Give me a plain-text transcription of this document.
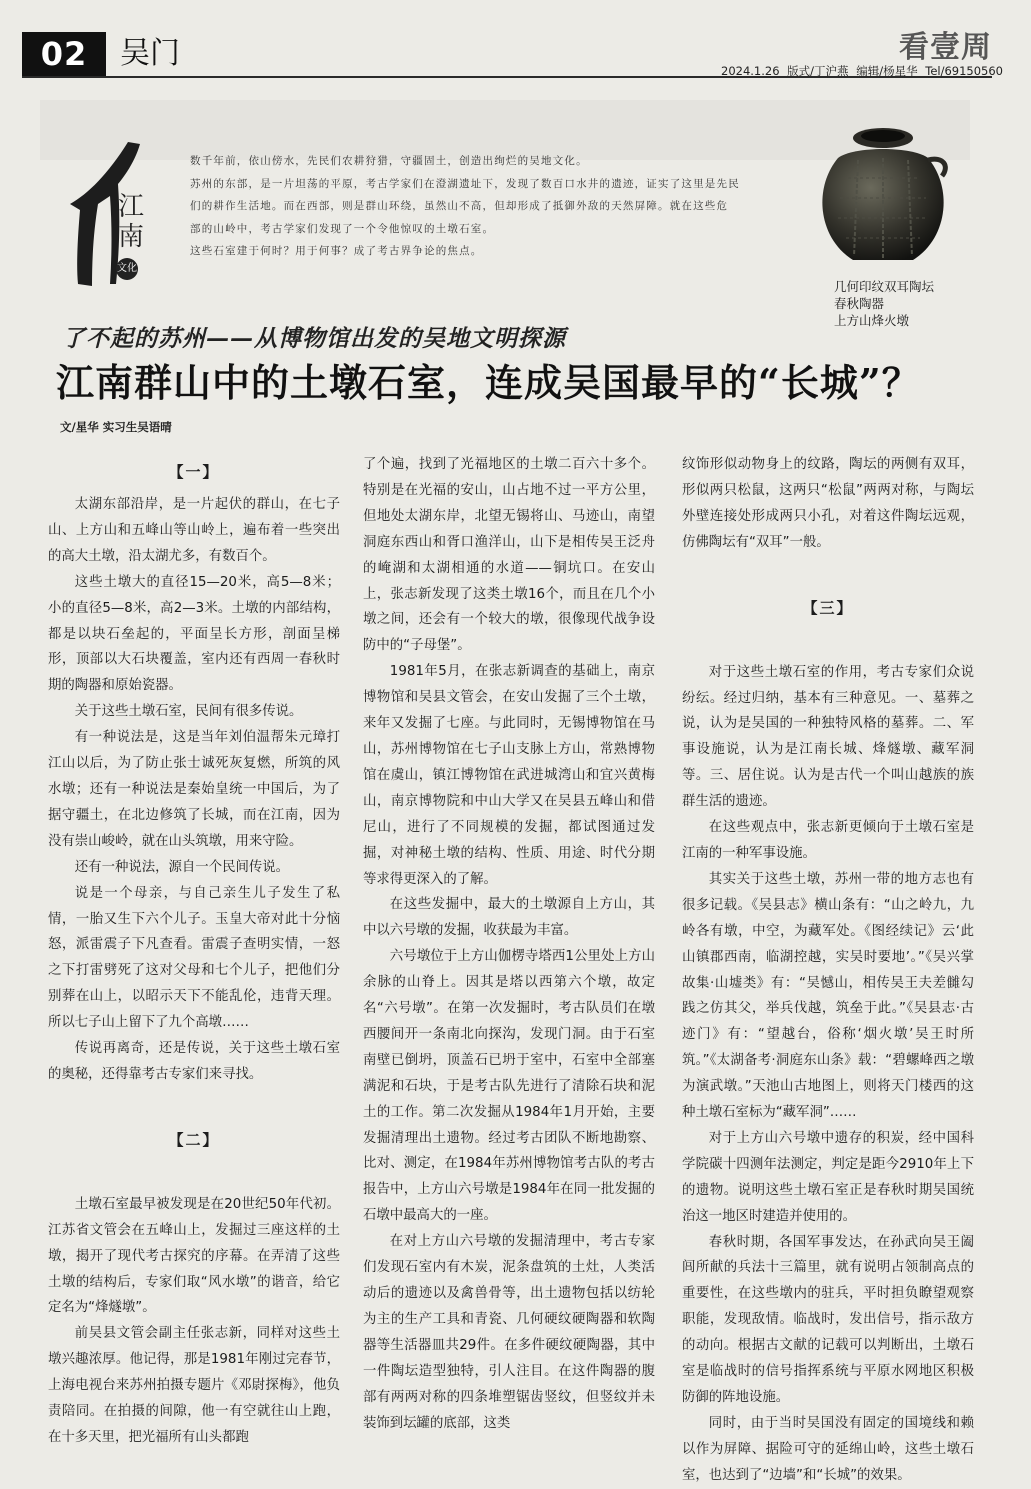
02	吴门	看壹周
2024.1.26 版式/丁沪燕 编辑/杨星华 Tel/69150560
江南
文化
数千年前，依山傍水，先民们农耕狩猎，守疆固土，创造出绚烂的吴地文化。
苏州的东部，是一片坦荡的平原，考古学家们在澄湖遗址下，发现了数百口水井的遗迹，证实了这里是先民
们的耕作生活地。而在西部，则是群山环绕，虽然山不高，但却形成了抵御外敌的天然屏障。就在这些危
部的山岭中，考古学家们发现了一个令他惊叹的土墩石室。
这些石室建于何时？用于何事？成了考古界争论的焦点。
几何印纹双耳陶坛
春秋陶器
上方山烽火墩
了不起的苏州——从博物馆出发的吴地文明探源
江南群山中的土墩石室，连成吴国最早的“长城”？
文/星华 实习生吴语晴
【一】

太湖东部沿岸，是一片起伏的群山，在七子山、上方山和五峰山等山岭上，遍布着一些突出的高大土墩，沿太湖尤多，有数百个。

这些土墩大的直径15—20米，高5—8米；小的直径5—8米，高2—3米。土墩的内部结构，都是以块石垒起的，平面呈长方形，剖面呈梯形，顶部以大石块覆盖，室内还有西周一春秋时期的陶器和原始瓷器。

关于这些土墩石室，民间有很多传说。

有一种说法是，这是当年刘伯温帮朱元璋打江山以后，为了防止张士诚死灰复燃，所筑的风水墩；还有一种说法是秦始皇统一中国后，为了据守疆土，在北边修筑了长城，而在江南，因为没有崇山峻岭，就在山头筑墩，用来守险。

还有一种说法，源自一个民间传说。

说是一个母亲，与自己亲生儿子发生了私情，一胎又生下六个儿子。玉皇大帝对此十分恼怒，派雷震子下凡查看。雷震子查明实情，一怒之下打雷劈死了这对父母和七个儿子，把他们分别葬在山上，以昭示天下不能乱伦，违背天理。所以七子山上留下了九个高墩……

传说再离奇，还是传说，关于这些土墩石室的奥秘，还得靠考古专家们来寻找。

【二】

土墩石室最早被发现是在20世纪50年代初。江苏省文管会在五峰山上，发掘过三座这样的土墩，揭开了现代考古探究的序幕。在弄清了这些土墩的结构后，专家们取“风水墩”的谐音，给它定名为“烽燧墩”。

前吴县文管会副主任张志新，同样对这些土墩兴趣浓厚。他记得，那是1981年刚过完春节，上海电视台来苏州拍摄专题片《邓尉探梅》，他负责陪同。在拍摄的间隙，他一有空就往山上跑，在十多天里，把光福所有山头都跑

了个遍，找到了光福地区的土墩二百六十多个。特别是在光福的安山，山占地不过一平方公里，但地处太湖东岸，北望无锡将山、马迹山，南望洞庭东西山和胥口渔洋山，山下是相传吴王泛舟的崦湖和太湖相通的水道——铜坑口。在安山上，张志新发现了这类土墩16个，而且在几个小墩之间，还会有一个较大的墩，很像现代战争设防中的“子母堡”。

1981年5月，在张志新调查的基础上，南京博物馆和吴县文管会，在安山发掘了三个土墩，来年又发掘了七座。与此同时，无锡博物馆在马山，苏州博物馆在七子山支脉上方山，常熟博物馆在虞山，镇江博物馆在武进城湾山和宜兴黄梅山，南京博物院和中山大学又在吴县五峰山和借尼山，进行了不同规模的发掘，都试图通过发掘，对神秘土墩的结构、性质、用途、时代分期等求得更深入的了解。

在这些发掘中，最大的土墩源自上方山，其中以六号墩的发掘，收获最为丰富。

六号墩位于上方山伽楞寺塔西1公里处上方山余脉的山脊上。因其是塔以西第六个墩，故定名“六号墩”。在第一次发掘时，考古队员们在墩西腰间开一条南北向探沟，发现门洞。由于石室南壁已倒坍，顶盖石已坍于室中，石室中全部塞满泥和石块，于是考古队先进行了清除石块和泥土的工作。第二次发掘从1984年1月开始，主要发掘清理出土遗物。经过考古团队不断地勘察、比对、测定，在1984年苏州博物馆考古队的考古报告中，上方山六号墩是1984年在同一批发掘的石墩中最高大的一座。

在对上方山六号墩的发掘清理中，考古专家们发现石室内有木炭，泥条盘筑的土灶，人类活动后的遗迹以及禽兽骨等，出土遗物包括以纺轮为主的生产工具和青瓷、几何硬纹硬陶器和软陶器等生活器皿共29件。在多件硬纹硬陶器，其中一件陶坛造型独特，引人注目。在这件陶器的腹部有两两对称的四条堆塑锯齿竖纹，但竖纹并未装饰到坛罐的底部，这类

纹饰形似动物身上的纹路，陶坛的两侧有双耳，形似两只松鼠，这两只“松鼠”两两对称，与陶坛外壁连接处形成两只小孔，对着这件陶坛远观，仿佛陶坛有“双耳”一般。

【三】

对于这些土墩石室的作用，考古专家们众说纷纭。经过归纳，基本有三种意见。一、墓葬之说，认为是吴国的一种独特风格的墓葬。二、军事设施说，认为是江南长城、烽燧墩、藏军洞等。三、居住说。认为是古代一个叫山越族的族群生活的遗迹。

在这些观点中，张志新更倾向于土墩石室是江南的一种军事设施。

其实关于这些土墩，苏州一带的地方志也有很多记载。《吴县志》横山条有：“山之岭九，九岭各有墩，中空，为藏军处。《图经续记》云‘此山镇郡西南，临湖控越，实吴时要地’。”《吴兴掌故集·山墟类》有：“吴憾山，相传吴王夫差雠勾践之仿其父，举兵伐越，筑垒于此。”《吴县志·古迹门》有：“望越台，俗称‘烟火墩’吴王时所筑。”《太湖备考·洞庭东山条》载：“碧螺峰西之墩为演武墩。”天池山古地图上，则将天门楼西的这种土墩石室标为“藏军洞”……

对于上方山六号墩中遗存的积炭，经中国科学院碳十四测年法测定，判定是距今2910年上下的遗物。说明这些土墩石室正是春秋时期吴国统治这一地区时建造并使用的。

春秋时期，各国军事发达，在孙武向吴王阖闾所献的兵法十三篇里，就有说明占领制高点的重要性，在这些墩内的驻兵，平时担负瞭望观察职能，发现敌情。临战时，发出信号，指示敌方的动向。根据古文献的记载可以判断出，土墩石室是临战时的信号指挥系统与平原水网地区积极防御的阵地设施。

同时，由于当时吴国没有固定的国境线和赖以作为屏障、据险可守的延绵山岭，这些土墩石室，也达到了“边墙”和“长城”的效果。
